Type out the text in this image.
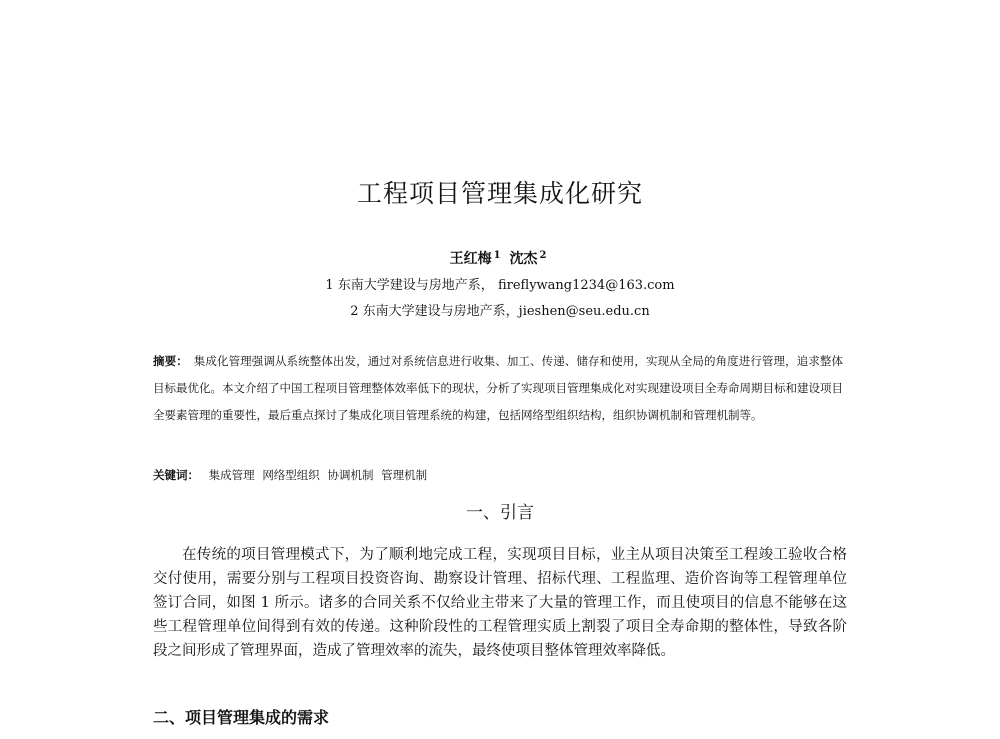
工程项目管理集成化研究
王红梅 $^1$ 沈杰 $^2$
1 东南大学建设与房地产系， fireflywang1234@163.com
2 东南大学建设与房地产系，jieshen@seu.edu.cn
摘要： 集成化管理强调从系统整体出发，通过对系统信息进行收集、加工、传递、储存和使用，实现从全局的角度进行管理，追求整体目标最优化。本文介绍了中国工程项目管理整体效率低下的现状，分析了实现项目管理集成化对实现建设项目全寿命周期目标和建设项目全要素管理的重要性，最后重点探讨了集成化项目管理系统的构建，包括网络型组织结构，组织协调机制和管理机制等。
关键词： 集成管理 网络型组织 协调机制 管理机制
一、引言
在传统的项目管理模式下，为了顺利地完成工程，实现项目目标，业主从项目决策至工程竣工验收合格交付使用，需要分别与工程项目投资咨询、勘察设计管理、招标代理、工程监理、造价咨询等工程管理单位签订合同，如图 1 所示。诸多的合同关系不仅给业主带来了大量的管理工作，而且使项目的信息不能够在这些工程管理单位间得到有效的传递。这种阶段性的工程管理实质上割裂了项目全寿命期的整体性，导致各阶段之间形成了管理界面，造成了管理效率的流失，最终使项目整体管理效率降低。
二、项目管理集成的需求
